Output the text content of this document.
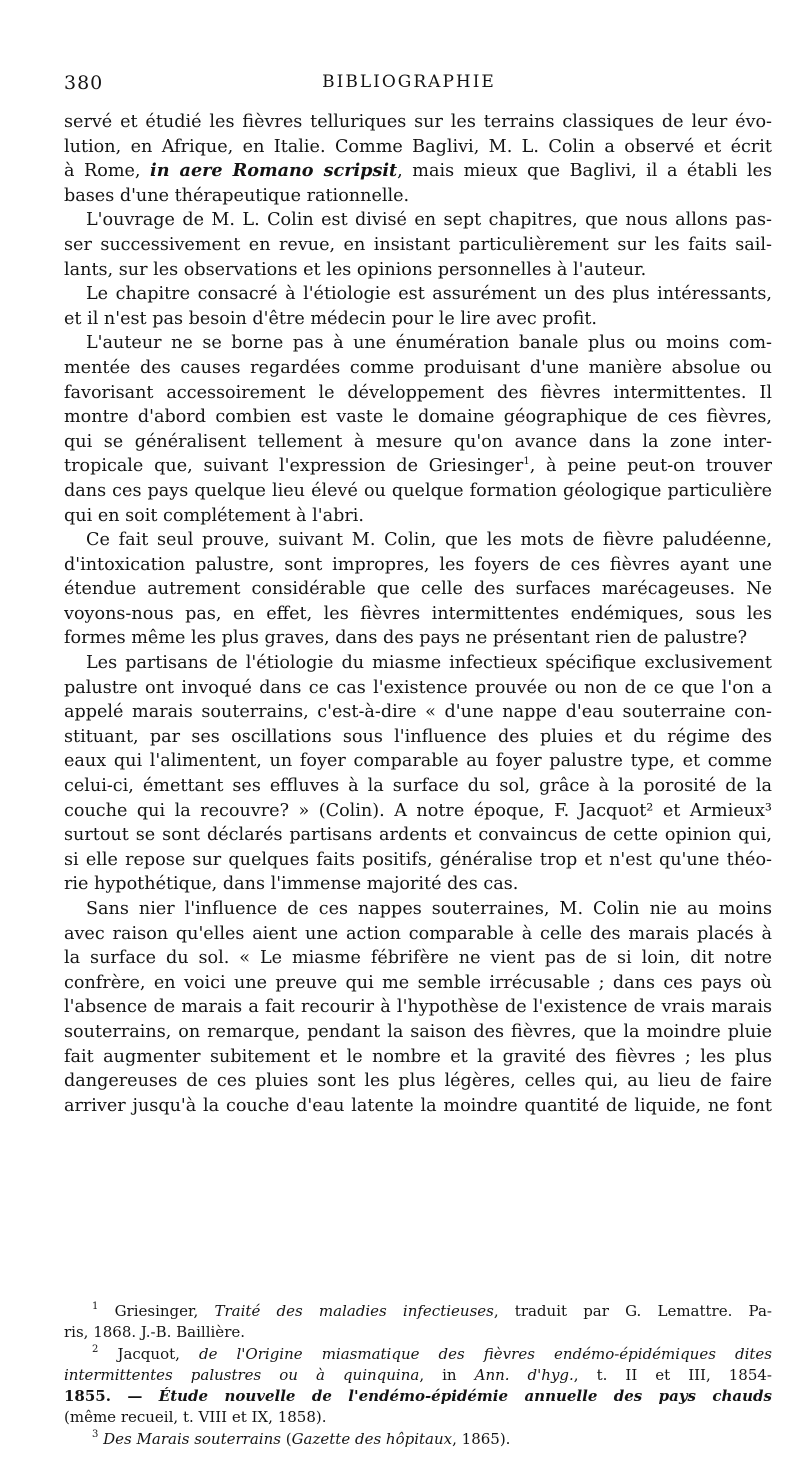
380	BIBLIOGRAPHIE
servé et étudié les fièvres telluriques sur les terrains classiques de leur évo-
lution, en Afrique, en Italie. Comme Baglivi, M. L. Colin a observé et écrit
à Rome, in aere Romano scripsit, mais mieux que Baglivi, il a établi les
bases d'une thérapeutique rationnelle.
L'ouvrage de M. L. Colin est divisé en sept chapitres, que nous allons pas-
ser successivement en revue, en insistant particulièrement sur les faits sail-
lants, sur les observations et les opinions personnelles à l'auteur.
Le chapitre consacré à l'étiologie est assurément un des plus intéressants,
et il n'est pas besoin d'être médecin pour le lire avec profit.
L'auteur ne se borne pas à une énumération banale plus ou moins com-
mentée des causes regardées comme produisant d'une manière absolue ou
favorisant accessoirement le développement des fièvres intermittentes. Il
montre d'abord combien est vaste le domaine géographique de ces fièvres,
qui se généralisent tellement à mesure qu'on avance dans la zone inter-
tropicale que, suivant l'expression de Griesinger$^1$, à peine peut-on trouver
dans ces pays quelque lieu élevé ou quelque formation géologique particulière
qui en soit complétement à l'abri.
Ce fait seul prouve, suivant M. Colin, que les mots de fièvre paludéenne,
d'intoxication palustre, sont impropres, les foyers de ces fièvres ayant une
étendue autrement considérable que celle des surfaces marécageuses. Ne
voyons-nous pas, en effet, les fièvres intermittentes endémiques, sous les
formes même les plus graves, dans des pays ne présentant rien de palustre?
Les partisans de l'étiologie du miasme infectieux spécifique exclusivement
palustre ont invoqué dans ce cas l'existence prouvée ou non de ce que l'on a
appelé marais souterrains, c'est-à-dire « d'une nappe d'eau souterraine con-
stituant, par ses oscillations sous l'influence des pluies et du régime des
eaux qui l'alimentent, un foyer comparable au foyer palustre type, et comme
celui-ci, émettant ses effluves à la surface du sol, grâce à la porosité de la
couche qui la recouvre? » (Colin). A notre époque, F. Jacquot² et Armieux³
surtout se sont déclarés partisans ardents et convaincus de cette opinion qui,
si elle repose sur quelques faits positifs, généralise trop et n'est qu'une théo-
rie hypothétique, dans l'immense majorité des cas.
Sans nier l'influence de ces nappes souterraines, M. Colin nie au moins
avec raison qu'elles aient une action comparable à celle des marais placés à
la surface du sol. « Le miasme fébrifère ne vient pas de si loin, dit notre
confrère, en voici une preuve qui me semble irrécusable ; dans ces pays où
l'absence de marais a fait recourir à l'hypothèse de l'existence de vrais marais
souterrains, on remarque, pendant la saison des fièvres, que la moindre pluie
fait augmenter subitement et le nombre et la gravité des fièvres ; les plus
dangereuses de ces pluies sont les plus légères, celles qui, au lieu de faire
arriver jusqu'à la couche d'eau latente la moindre quantité de liquide, ne font
$^1$ Griesinger, Traité des maladies infectieuses, traduit par G. Lemattre. Pa-
ris, 1868. J.-B. Baillière.
$^2$ Jacquot, de l'Origine miasmatique des fièvres endémo-épidémiques dites
intermittentes palustres ou à quinquina, in Ann. d'hyg., t. II et III, 1854-
1855. — Étude nouvelle de l'endémo-épidémie annuelle des pays chauds
(même recueil, t. VIII et IX, 1858).
$^3$ Des Marais souterrains (Gazette des hôpitaux, 1865).
